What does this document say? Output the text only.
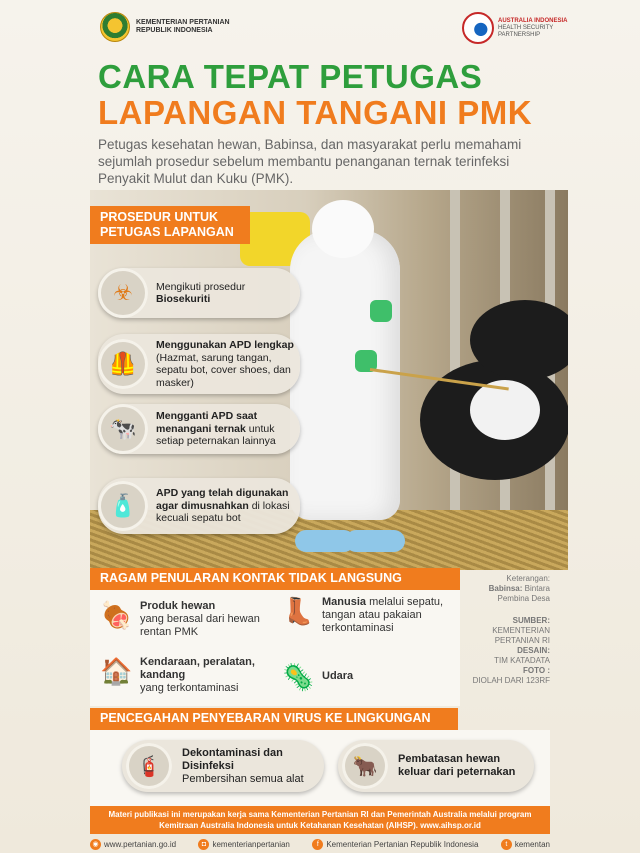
KEMENTERIAN PERTANIAN
REPUBLIK INDONESIA
AUSTRALIA INDONESIA
HEALTH SECURITY
PARTNERSHIP
CARA TEPAT PETUGAS
LAPANGAN TANGANI PMK
Petugas kesehatan hewan, Babinsa, dan masyarakat perlu memahami sejumlah prosedur sebelum membantu penanganan ternak terinfeksi Penyakit Mulut dan Kuku (PMK).
PROSEDUR UNTUK
PETUGAS LAPANGAN
☣	Mengikuti prosedur
Biosekuriti
🦺
Menggunakan APD lengkap (Hazmat, sarung tangan, sepatu bot, cover shoes, dan masker)
🐄
Mengganti APD saat menangani ternak untuk setiap peternakan lainnya
🧴
APD yang telah digunakan agar dimusnahkan di lokasi kecuali sepatu bot
RAGAM PENULARAN KONTAK TIDAK LANGSUNG
🍖 Produk hewan
yang berasal dari hewan rentan PMK
👢 Manusia melalui sepatu, tangan atau pakaian terkontaminasi
🏠 Kendaraan, peralatan, kandang
yang terkontaminasi	🦠 Udara
Keterangan:
Babinsa: Bintara Pembina Desa
SUMBER:
KEMENTERIAN PERTANIAN RI
DESAIN:
TIM KATADATA
FOTO :
DIOLAH DARI 123RF
PENCEGAHAN PENYEBARAN VIRUS KE LINGKUNGAN
🧯
Dekontaminasi dan Disinfeksi
Pembersihan semua alat
🐂	Pembatasan hewan keluar dari peternakan
Materi publikasi ini merupakan kerja sama Kementerian Pertanian RI dan Pemerintah Australia melalui program Kemitraan Australia Indonesia untuk Ketahanan Kesehatan (AIHSP). www.aihsp.or.id
◉ www.pertanian.go.id	◘ kementerianpertanian	f Kementerian Pertanian Republik Indonesia	t kementan
